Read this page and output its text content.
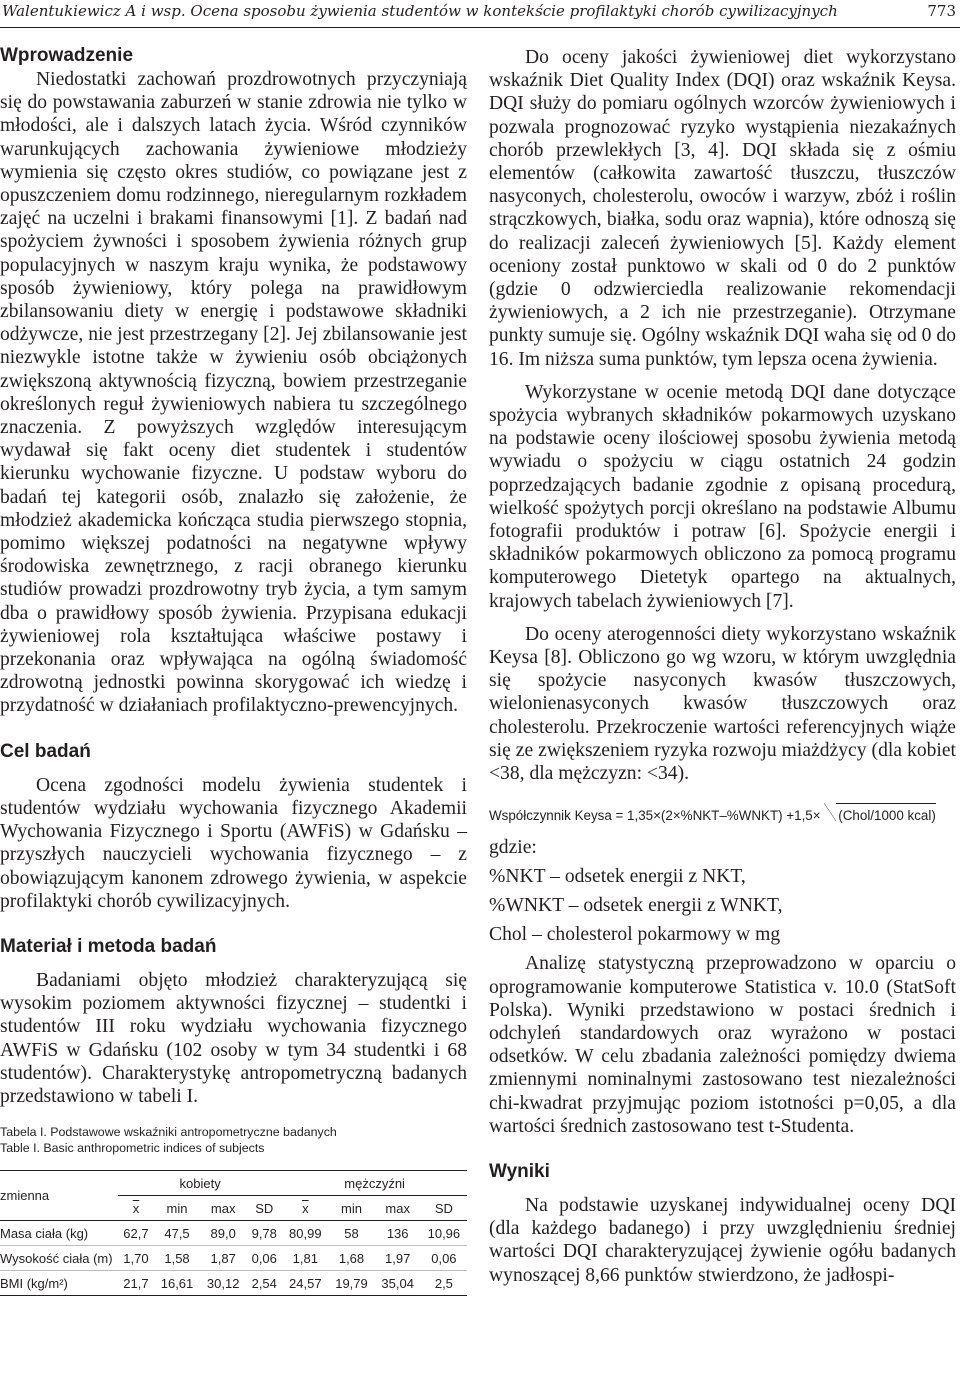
Walentukiewicz A i wsp. Ocena sposobu żywienia studentów w kontekście profilaktyki chorób cywilizacyjnych	773
Wprowadzenie

Niedostatki zachowań prozdrowotnych przyczyniają się do powstawania zaburzeń w stanie zdrowia nie tylko w młodości, ale i dalszych latach życia. Wśród czynników warunkujących zachowania żywieniowe młodzieży wymienia się często okres studiów, co powiązane jest z opuszczeniem domu rodzinnego, nieregularnym rozkładem zajęć na uczelni i brakami finansowymi [1]. Z badań nad spożyciem żywności i sposobem żywienia różnych grup populacyjnych w naszym kraju wynika, że podstawowy sposób żywieniowy, który polega na prawidłowym zbilansowaniu diety w energię i podstawowe składniki odżywcze, nie jest przestrzegany [2]. Jej zbilansowanie jest niezwykle istotne także w żywieniu osób obciążonych zwiększoną aktywnością fizyczną, bowiem przestrzeganie określonych reguł żywieniowych nabiera tu szczególnego znaczenia. Z powyższych względów interesującym wydawał się fakt oceny diet studentek i studentów kierunku wychowanie fizyczne. U podstaw wyboru do badań tej kategorii osób, znalazło się założenie, że młodzież akademicka kończąca studia pierwszego stopnia, pomimo większej podatności na negatywne wpływy środowiska zewnętrznego, z racji obranego kierunku studiów prowadzi prozdrowotny tryb życia, a tym samym dba o prawidłowy sposób żywienia. Przypisana edukacji żywieniowej rola kształtująca właściwe postawy i przekonania oraz wpływająca na ogólną świadomość zdrowotną jednostki powinna skorygować ich wiedzę i przydatność w działaniach profilaktyczno-prewencyjnych.

Cel badań

Ocena zgodności modelu żywienia studentek i studentów wydziału wychowania fizycznego Akademii Wychowania Fizycznego i Sportu (AWFiS) w Gdańsku – przyszłych nauczycieli wychowania fizycznego – z obowiązującym kanonem zdrowego żywienia, w aspekcie profilaktyki chorób cywilizacyjnych.

Materiał i metoda badań

Badaniami objęto młodzież charakteryzującą się wysokim poziomem aktywności fizycznej – studentki i studentów III roku wydziału wychowania fizycznego AWFiS w Gdańsku (102 osoby w tym 34 studentki i 68 studentów). Charakterystykę antropometryczną badanych przedstawiono w tabeli I.

Tabela I. Podstawowe wskaźniki antropometryczne badanych
Table I. Basic anthropometric indices of subjects
zmienna	kobiety				mężczyźni			
	$\overline{x}$	min	max	SD	$\overline{x}$	min	max	SD
Masa ciała (kg)	62,7	47,5	89,0	9,78	80,99	58	136	10,96
Wysokość ciała (m)	1,70	1,58	1,87	0,06	1,81	1,68	1,97	0,06
BMI (kg/m²)	21,7	16,61	30,12	2,54	24,57	19,79	35,04	2,5

Do oceny jakości żywieniowej diet wykorzystano wskaźnik Diet Quality Index (DQI) oraz wskaźnik Keysa. DQI służy do pomiaru ogólnych wzorców żywieniowych i pozwala prognozować ryzyko wystąpienia niezakaźnych chorób przewlekłych [3, 4]. DQI składa się z ośmiu elementów (całkowita zawartość tłuszczu, tłuszczów nasyconych, cholesterolu, owoców i warzyw, zbóż i roślin strączkowych, białka, sodu oraz wapnia), które odnoszą się do realizacji zaleceń żywieniowych [5]. Każdy element oceniony został punktowo w skali od 0 do 2 punktów (gdzie 0 odzwierciedla realizowanie rekomendacji żywieniowych, a 2 ich nie przestrzeganie). Otrzymane punkty sumuje się. Ogólny wskaźnik DQI waha się od 0 do 16. Im niższa suma punktów, tym lepsza ocena żywienia.

Wykorzystane w ocenie metodą DQI dane dotyczące spożycia wybranych składników pokarmowych uzyskano na podstawie oceny ilościowej sposobu żywienia metodą wywiadu o spożyciu w ciągu ostatnich 24 godzin poprzedzających badanie zgodnie z opisaną procedurą, wielkość spożytych porcji określano na podstawie Albumu fotografii produktów i potraw [6]. Spożycie energii i składników pokarmowych obliczono za pomocą programu komputerowego Dietetyk opartego na aktualnych, krajowych tabelach żywieniowych [7].

Do oceny aterogenności diety wykorzystano wskaźnik Keysa [8]. Obliczono go wg wzoru, w którym uwzględnia się spożycie nasyconych kwasów tłuszczowych, wielonienasyconych kwasów tłuszczowych oraz cholesterolu. Przekroczenie wartości referencyjnych wiąże się ze zwiększeniem ryzyka rozwoju miażdżycy (dla kobiet <38, dla mężczyzn: <34).

Współczynnik Keysa = 1,35×(2×%NKT–%WNKT) +1,5× (Chol/1000 kcal)

gdzie:

%NKT – odsetek energii z NKT,

%WNKT – odsetek energii z WNKT,

Chol – cholesterol pokarmowy w mg

Analizę statystyczną przeprowadzono w oparciu o oprogramowanie komputerowe Statistica v. 10.0 (StatSoft Polska). Wyniki przedstawiono w postaci średnich i odchyleń standardowych oraz wyrażono w postaci odsetków. W celu zbadania zależności pomiędzy dwiema zmiennymi nominalnymi zastosowano test niezależności chi-kwadrat przyjmując poziom istotności p=0,05, a dla wartości średnich zastosowano test t-Studenta.

Wyniki

Na podstawie uzyskanej indywidualnej oceny DQI (dla każdego badanego) i przy uwzględnieniu średniej wartości DQI charakteryzującej żywienie ogółu badanych wynoszącej 8,66 punktów stwierdzono, że jadłospi-
